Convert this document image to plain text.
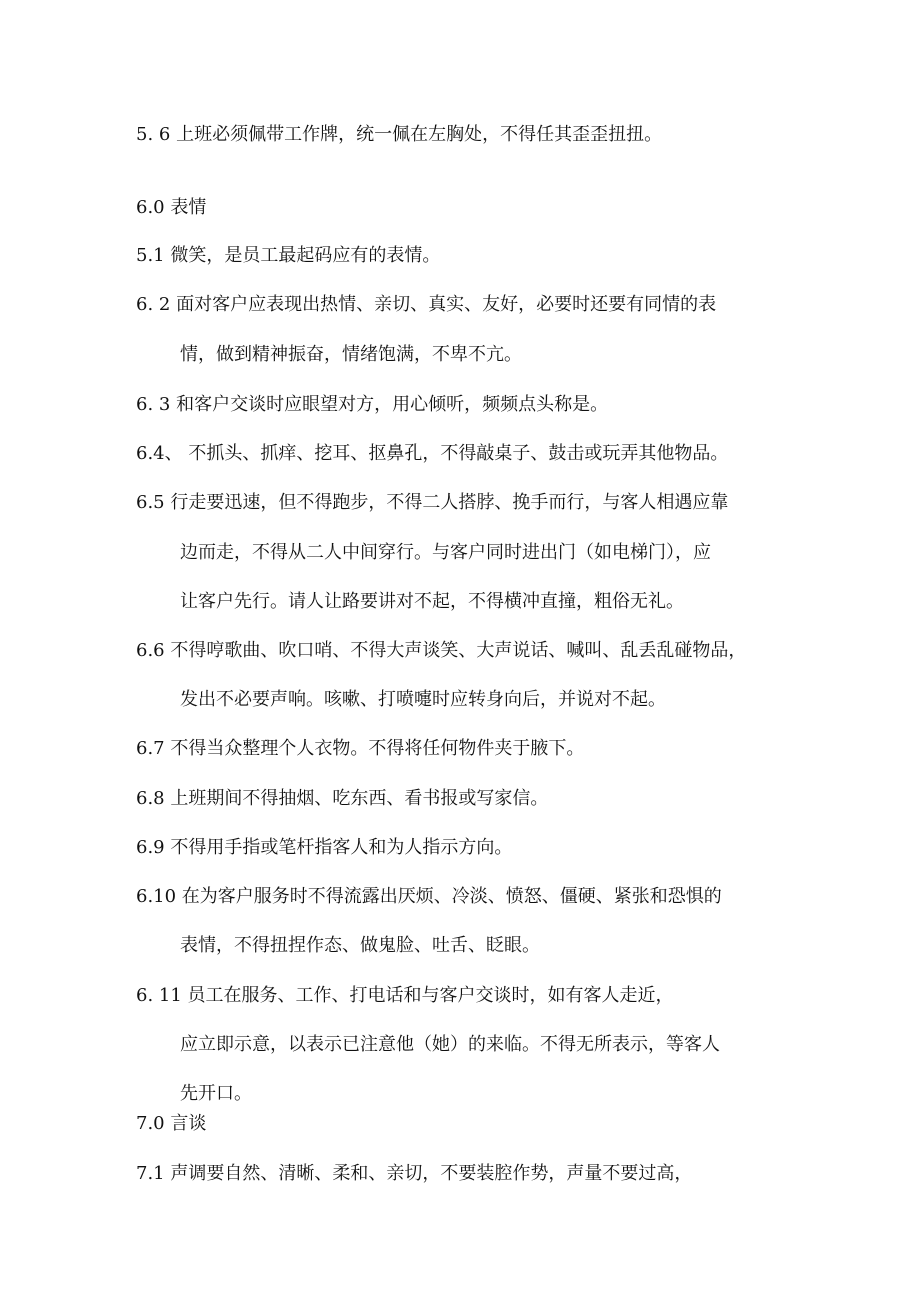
5. 6 上班必须佩带工作牌，统一佩在左胸处，不得任其歪歪扭扭。
6.0 表情
5.1 微笑，是员工最起码应有的表情。
6. 2 面对客户应表现出热情、亲切、真实、友好，必要时还要有同情的表
情，做到精神振奋，情绪饱满，不卑不亢。
6. 3 和客户交谈时应眼望对方，用心倾听，频频点头称是。
6.4、 不抓头、抓痒、挖耳、抠鼻孔，不得敲桌子、鼓击或玩弄其他物品。
6.5 行走要迅速，但不得跑步，不得二人搭脖、挽手而行，与客人相遇应靠
边而走，不得从二人中间穿行。与客户同时进出门（如电梯门），应
让客户先行。请人让路要讲对不起，不得横冲直撞，粗俗无礼。
6.6 不得哼歌曲、吹口哨、不得大声谈笑、大声说话、喊叫、乱丢乱碰物品，
发出不必要声响。咳嗽、打喷嚏时应转身向后，并说对不起。
6.7 不得当众整理个人衣物。不得将任何物件夹于腋下。
6.8 上班期间不得抽烟、吃东西、看书报或写家信。
6.9 不得用手指或笔杆指客人和为人指示方向。
6.10 在为客户服务时不得流露出厌烦、冷淡、愤怒、僵硬、紧张和恐惧的
表情，不得扭捏作态、做鬼脸、吐舌、眨眼。
6. 11 员工在服务、工作、打电话和与客户交谈时，如有客人走近，
应立即示意，以表示已注意他（她）的来临。不得无所表示，等客人
先开口。
7.0 言谈
7.1 声调要自然、清晰、柔和、亲切，不要装腔作势，声量不要过高，
